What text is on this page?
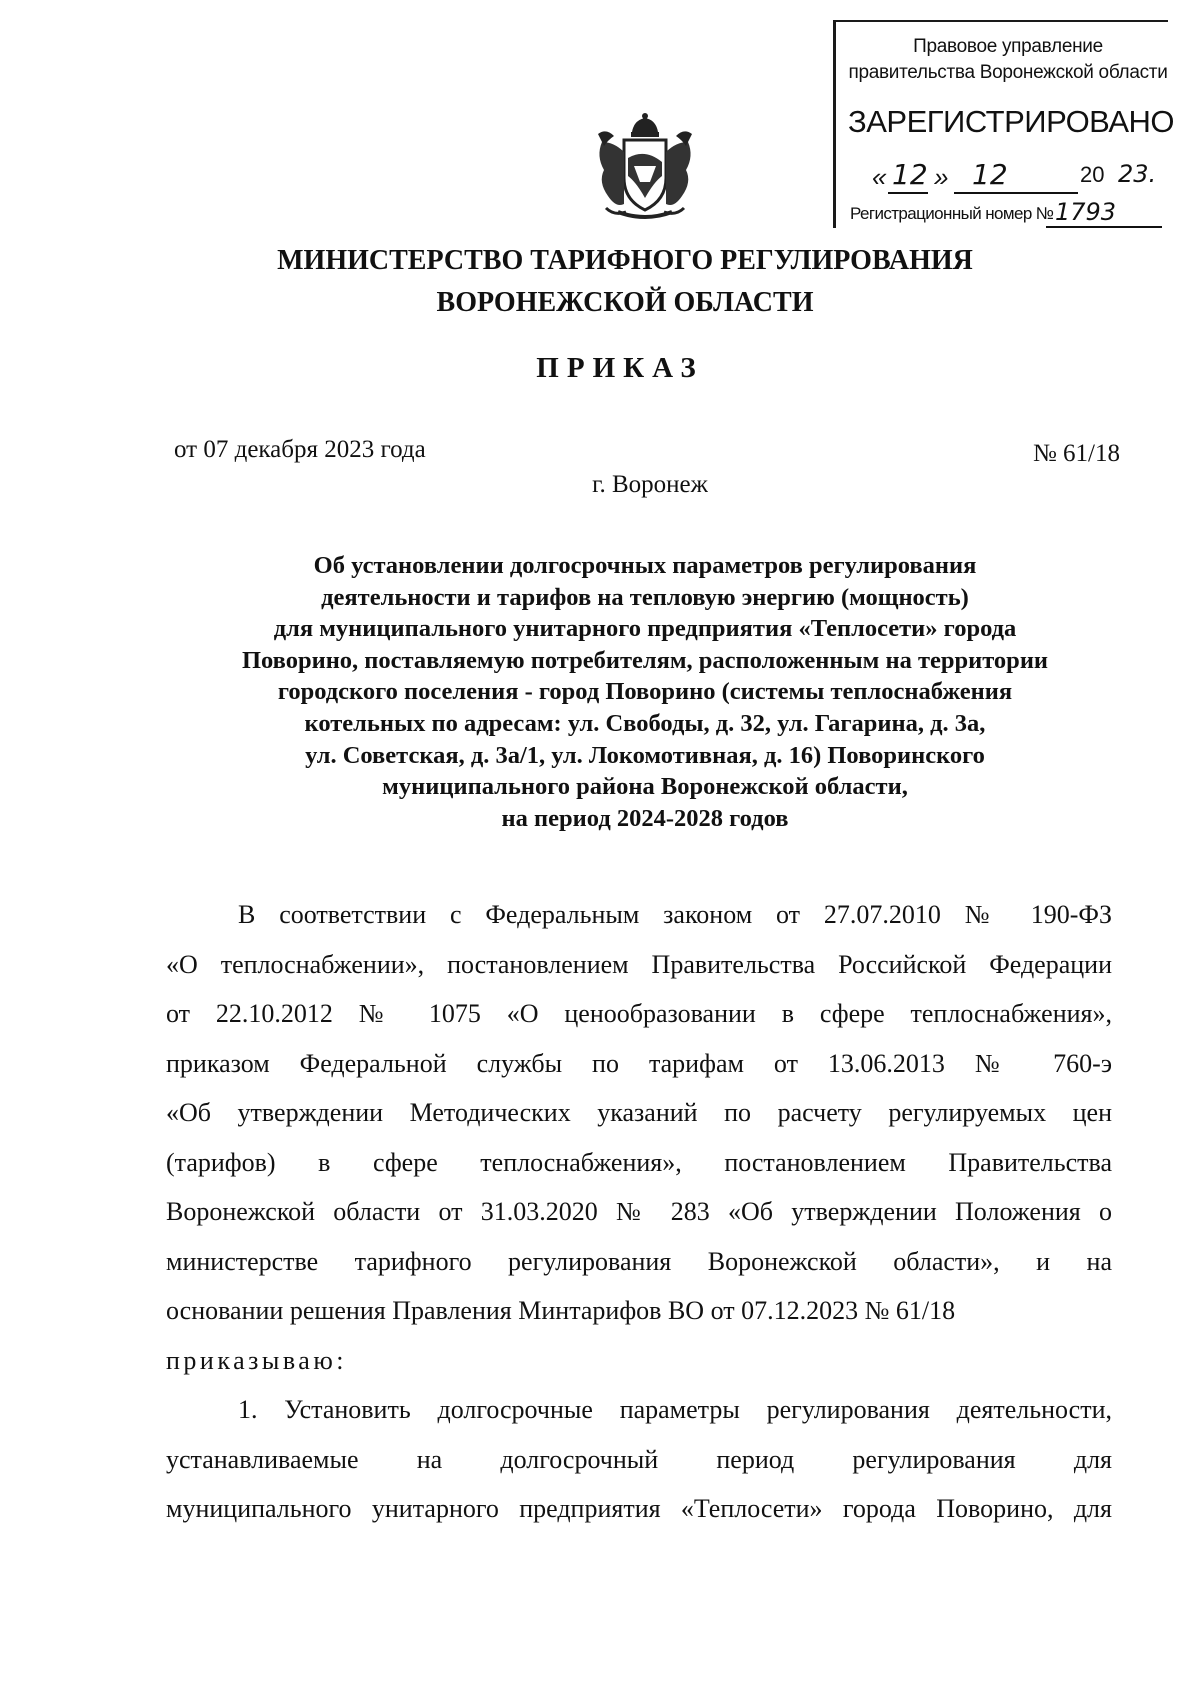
Правовое управление правительства Воронежской области
ЗАРЕГИСТРИРОВАНО
« 12 » 12	20 23.
Регистрационный номер № 1793
МИНИСТЕРСТВО ТАРИФНОГО РЕГУЛИРОВАНИЯ
ВОРОНЕЖСКОЙ ОБЛАСТИ
ПРИКАЗ
от 07 декабря 2023 года	№ 61/18
г. Воронеж
Об установлении долгосрочных параметров регулирования
деятельности и тарифов на тепловую энергию (мощность)
для муниципального унитарного предприятия «Теплосети» города
Поворино, поставляемую потребителям, расположенным на территории
городского поселения - город Поворино (системы теплоснабжения
котельных по адресам: ул. Свободы, д. 32, ул. Гагарина, д. 3а,
ул. Советская, д. 3а/1, ул. Локомотивная, д. 16) Поворинского
муниципального района Воронежской области,
на период 2024-2028 годов

В соответствии с Федеральным законом от 27.07.2010 № 190-ФЗ

«О теплоснабжении», постановлением Правительства Российской Федерации

от 22.10.2012 № 1075 «О ценообразовании в сфере теплоснабжения»,

приказом Федеральной службы по тарифам от 13.06.2013 № 760-э

«Об утверждении Методических указаний по расчету регулируемых цен

(тарифов) в сфере теплоснабжения», постановлением Правительства

Воронежской области от 31.03.2020 № 283 «Об утверждении Положения о

министерстве тарифного регулирования Воронежской области», и на

основании решения Правления Минтарифов ВО от 07.12.2023 № 61/18

приказываю:

1. Установить долгосрочные параметры регулирования деятельности,

устанавливаемые на долгосрочный период регулирования для

муниципального унитарного предприятия «Теплосети» города Поворино, для
